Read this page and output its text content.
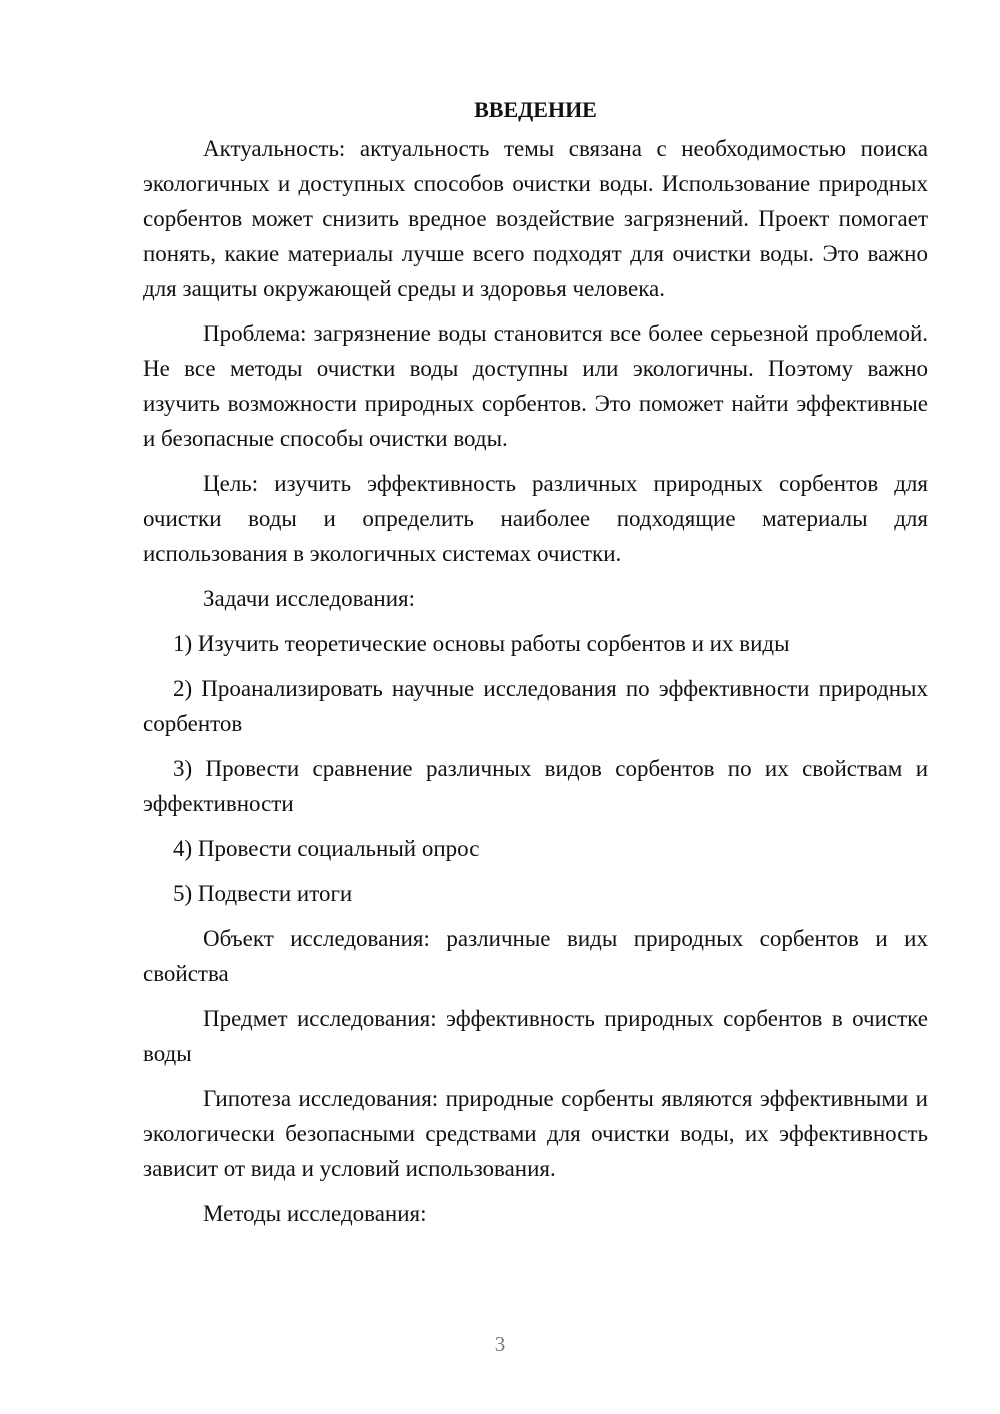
ВВЕДЕНИЕ

Актуальность: актуальность темы связана с необходимостью поиска экологичных и доступных способов очистки воды. Использование природных сорбентов может снизить вредное воздействие загрязнений. Проект помогает понять, какие материалы лучше всего подходят для очистки воды. Это важно для защиты окружающей среды и здоровья человека.

Проблема: загрязнение воды становится все более серьезной проблемой. Не все методы очистки воды доступны или экологичны. Поэтому важно изучить возможности природных сорбентов. Это поможет найти эффективные и безопасные способы очистки воды.

Цель: изучить эффективность различных природных сорбентов для очистки воды и определить наиболее подходящие материалы для использования в экологичных системах очистки.

Задачи исследования:

1) Изучить теоретические основы работы сорбентов и их виды

2) Проанализировать научные исследования по эффективности природных сорбентов

3) Провести сравнение различных видов сорбентов по их свойствам и эффективности

4) Провести социальный опрос

5) Подвести итоги

Объект исследования: различные виды природных сорбентов и их свойства

Предмет исследования: эффективность природных сорбентов в очистке воды

Гипотеза исследования: природные сорбенты являются эффективными и экологически безопасными средствами для очистки воды, их эффективность зависит от вида и условий использования.

Методы исследования:

3
